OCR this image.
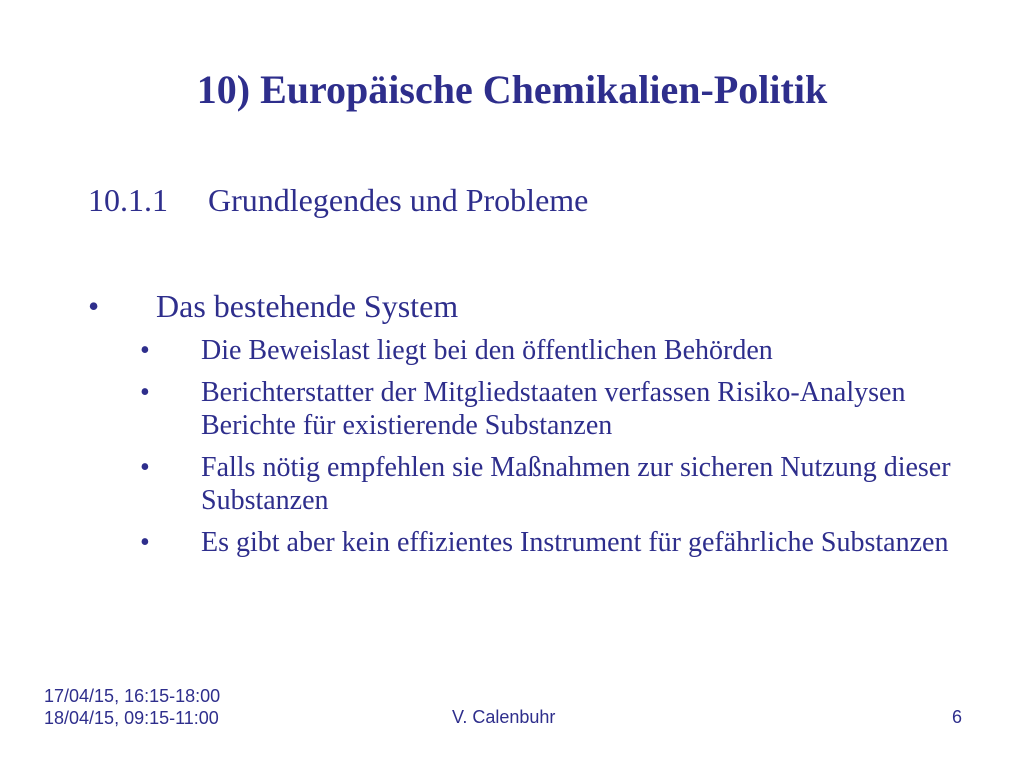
10) Europäische Chemikalien-Politik
10.1.1 Grundlegendes und Probleme
• Das bestehende System
• Die Beweislast liegt bei den öffentlichen Behörden
• Berichterstatter der Mitgliedstaaten verfassen Risiko-Analysen Berichte für existierende Substanzen
• Falls nötig empfehlen sie Maßnahmen zur sicheren Nutzung dieser Substanzen
• Es gibt aber kein effizientes Instrument für gefährliche Substanzen
17/04/15, 16:15-18:00
18/04/15, 09:15-11:00	V. Calenbuhr	6
